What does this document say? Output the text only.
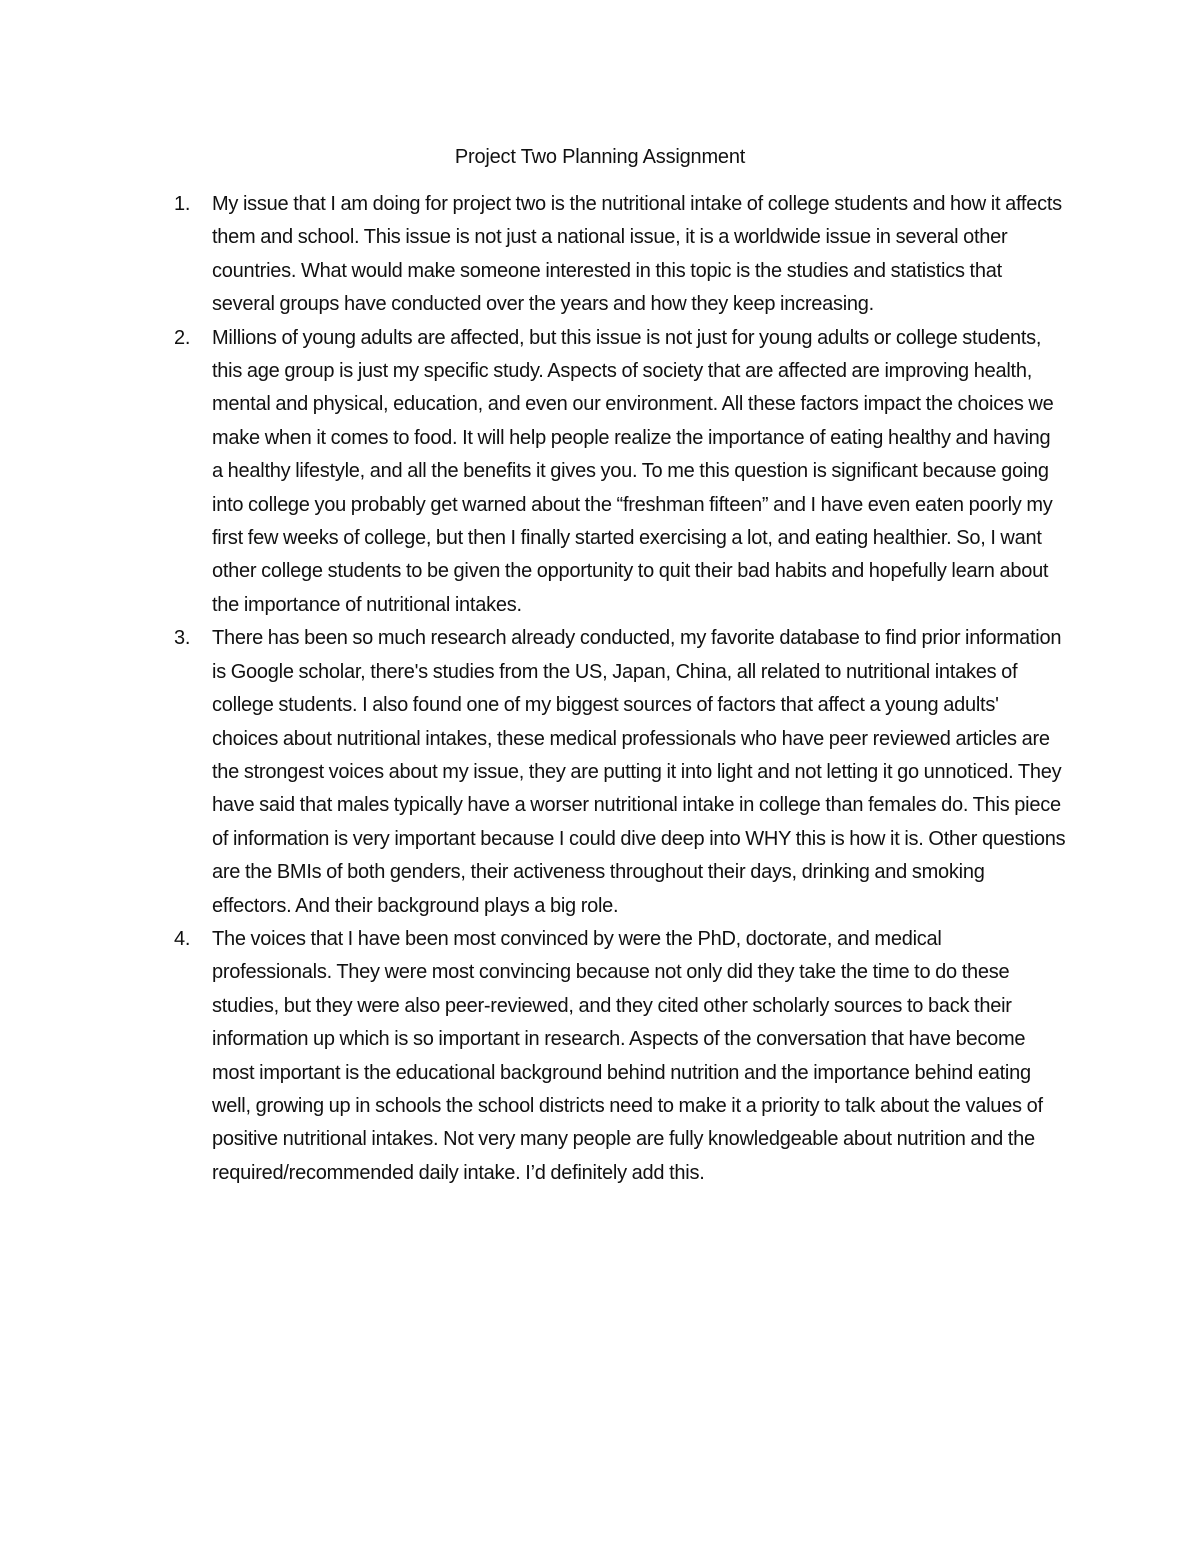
Project Two Planning Assignment
1.	My issue that I am doing for project two is the nutritional intake of college students and how it affects them and school. This issue is not just a national issue, it is a worldwide issue in several other countries. What would make someone interested in this topic is the studies and statistics that several groups have conducted over the years and how they keep increasing.
2.	Millions of young adults are affected, but this issue is not just for young adults or college students, this age group is just my specific study. Aspects of society that are affected are improving health, mental and physical, education, and even our environment. All these factors impact the choices we make when it comes to food. It will help people realize the importance of eating healthy and having a healthy lifestyle, and all the benefits it gives you. To me this question is significant because going into college you probably get warned about the “freshman fifteen” and I have even eaten poorly my first few weeks of college, but then I finally started exercising a lot, and eating healthier. So, I want other college students to be given the opportunity to quit their bad habits and hopefully learn about the importance of nutritional intakes.
3.	There has been so much research already conducted, my favorite database to find prior information is Google scholar, there's studies from the US, Japan, China, all related to nutritional intakes of college students. I also found one of my biggest sources of factors that affect a young adults' choices about nutritional intakes, these medical professionals who have peer reviewed articles are the strongest voices about my issue, they are putting it into light and not letting it go unnoticed. They have said that males typically have a worser nutritional intake in college than females do. This piece of information is very important because I could dive deep into WHY this is how it is. Other questions are the BMIs of both genders, their activeness throughout their days, drinking and smoking effectors. And their background plays a big role.
4.	The voices that I have been most convinced by were the PhD, doctorate, and medical professionals. They were most convincing because not only did they take the time to do these studies, but they were also peer-reviewed, and they cited other scholarly sources to back their information up which is so important in research. Aspects of the conversation that have become most important is the educational background behind nutrition and the importance behind eating well, growing up in schools the school districts need to make it a priority to talk about the values of positive nutritional intakes. Not very many people are fully knowledgeable about nutrition and the required/recommended daily intake. I’d definitely add this.
